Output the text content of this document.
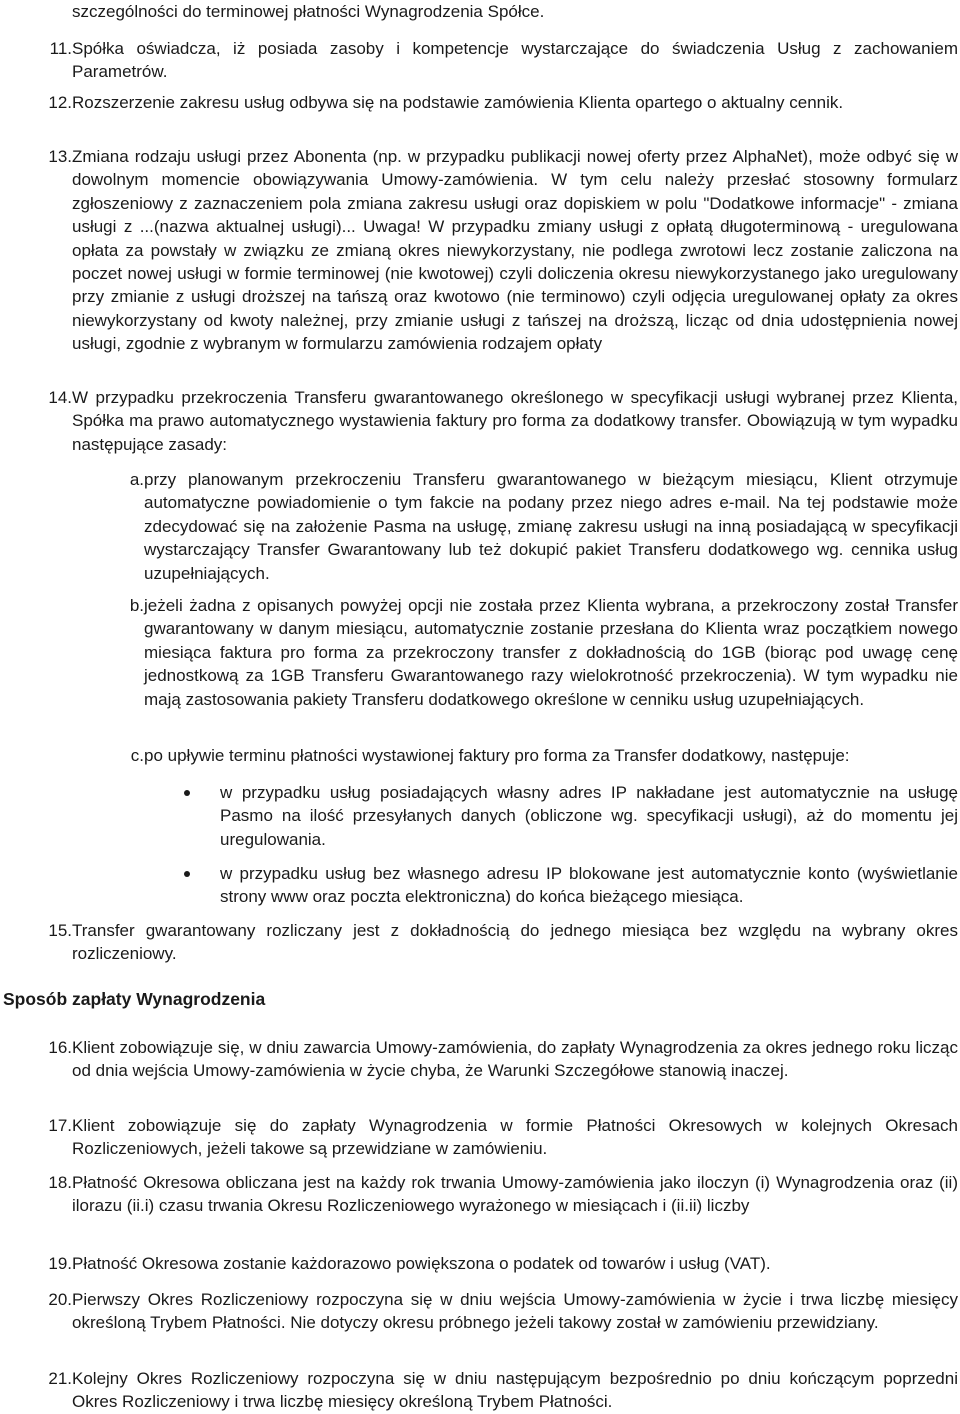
szczególności do terminowej płatności Wynagrodzenia Spółce.

11. Spółka oświadcza, iż posiada zasoby i kompetencje wystarczające do świadczenia Usług z zachowaniem Parametrów.

12. Rozszerzenie zakresu usług odbywa się na podstawie zamówienia Klienta opartego o aktualny cennik.

13. Zmiana rodzaju usługi przez Abonenta (np. w przypadku publikacji nowej oferty przez AlphaNet), może odbyć się w dowolnym momencie obowiązywania Umowy-zamówienia. W tym celu należy przesłać stosowny formularz zgłoszeniowy z zaznaczeniem pola zmiana zakresu usługi oraz dopiskiem w polu "Dodatkowe informacje" - zmiana usługi z ...(nazwa aktualnej usługi)... Uwaga! W przypadku zmiany usługi z opłatą długoterminową - uregulowana opłata za powstały w związku ze zmianą okres niewykorzystany, nie podlega zwrotowi lecz zostanie zaliczona na poczet nowej usługi w formie terminowej (nie kwotowej) czyli doliczenia okresu niewykorzystanego jako uregulowany przy zmianie z usługi droższej na tańszą oraz kwotowo (nie terminowo) czyli odjęcia uregulowanej opłaty za okres niewykorzystany od kwoty należnej, przy zmianie usługi z tańszej na droższą, licząc od dnia udostępnienia nowej usługi, zgodnie z wybranym w formularzu zamówienia rodzajem opłaty

14. W przypadku przekroczenia Transferu gwarantowanego określonego w specyfikacji usługi wybranej przez Klienta, Spółka ma prawo automatycznego wystawienia faktury pro forma za dodatkowy transfer. Obowiązują w tym wypadku następujące zasady:

a. przy planowanym przekroczeniu Transferu gwarantowanego w bieżącym miesiącu, Klient otrzymuje automatyczne powiadomienie o tym fakcie na podany przez niego adres e-mail. Na tej podstawie może zdecydować się na założenie Pasma na usługę, zmianę zakresu usługi na inną posiadającą w specyfikacji wystarczający Transfer Gwarantowany lub też dokupić pakiet Transferu dodatkowego wg. cennika usług uzupełniających.

b. jeżeli żadna z opisanych powyżej opcji nie została przez Klienta wybrana, a przekroczony został Transfer gwarantowany w danym miesiącu, automatycznie zostanie przesłana do Klienta wraz początkiem nowego miesiąca faktura pro forma za przekroczony transfer z dokładnością do 1GB (biorąc pod uwagę cenę jednostkową za 1GB Transferu Gwarantowanego razy wielokrotność przekroczenia). W tym wypadku nie mają zastosowania pakiety Transferu dodatkowego określone w cenniku usług uzupełniających.

c. po upływie terminu płatności wystawionej faktury pro forma za Transfer dodatkowy, następuje:

w przypadku usług posiadających własny adres IP nakładane jest automatycznie na usługę Pasmo na ilość przesyłanych danych (obliczone wg. specyfikacji usługi), aż do momentu jej uregulowania.

w przypadku usług bez własnego adresu IP blokowane jest automatycznie konto (wyświetlanie strony www oraz poczta elektroniczna) do końca bieżącego miesiąca.

15. Transfer gwarantowany rozliczany jest z dokładnością do jednego miesiąca bez względu na wybrany okres rozliczeniowy.

Sposób zapłaty Wynagrodzenia
16. Klient zobowiązuje się, w dniu zawarcia Umowy-zamówienia, do zapłaty Wynagrodzenia za okres jednego roku licząc od dnia wejścia Umowy-zamówienia w życie chyba, że Warunki Szczegółowe stanowią inaczej.

17. Klient zobowiązuje się do zapłaty Wynagrodzenia w formie Płatności Okresowych w kolejnych Okresach Rozliczeniowych, jeżeli takowe są przewidziane w zamówieniu.

18. Płatność Okresowa obliczana jest na każdy rok trwania Umowy-zamówienia jako iloczyn (i) Wynagrodzenia oraz (ii) ilorazu (ii.i) czasu trwania Okresu Rozliczeniowego wyrażonego w miesiącach i (ii.ii) liczby

19. Płatność Okresowa zostanie każdorazowo powiększona o podatek od towarów i usług (VAT).

20. Pierwszy Okres Rozliczeniowy rozpoczyna się w dniu wejścia Umowy-zamówienia w życie i trwa liczbę miesięcy określoną Trybem Płatności. Nie dotyczy okresu próbnego jeżeli takowy został w zamówieniu przewidziany.

21. Kolejny Okres Rozliczeniowy rozpoczyna się w dniu następującym bezpośrednio po dniu kończącym poprzedni Okres Rozliczeniowy i trwa liczbę miesięcy określoną Trybem Płatności.
